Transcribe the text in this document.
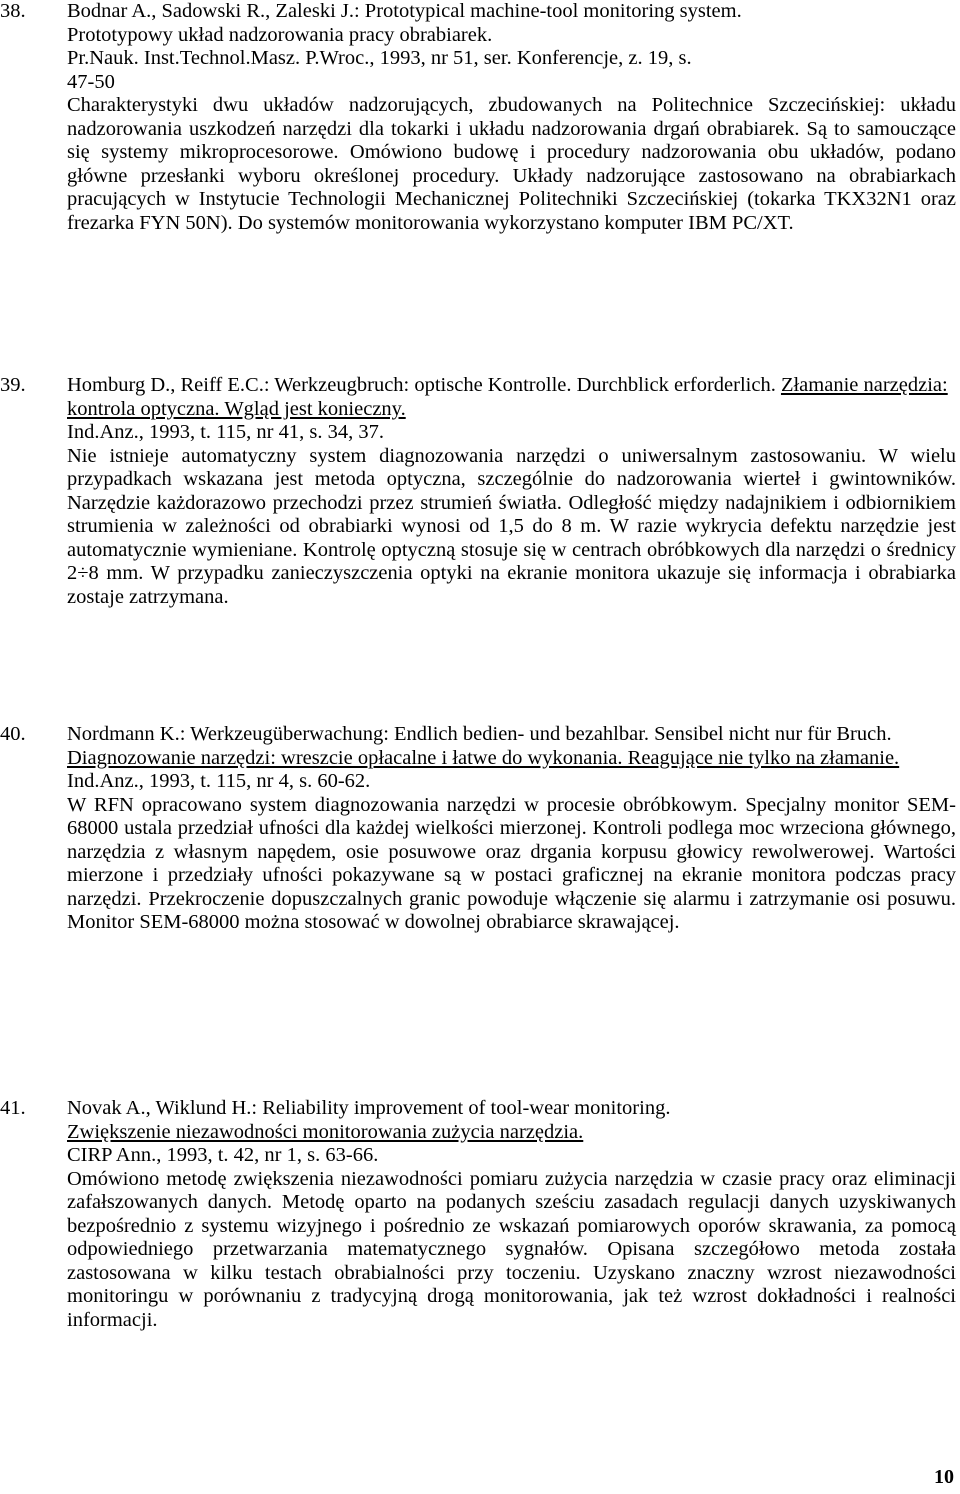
38.	Bodnar A., Sadowski R., Zaleski J.: Prototypical machine-tool monitoring system.

Prototypowy układ nadzorowania pracy obrabiarek.

Pr.Nauk. Inst.Technol.Masz. P.Wroc., 1993, nr 51, ser. Konferencje, z. 19, s. 47-50

Charakterystyki dwu układów nadzorujących, zbudowanych na Politechnice Szczecińskiej: układu nadzorowania uszkodzeń narzędzi dla tokarki i układu nadzorowania drgań obrabiarek. Są to samouczące się systemy mikroprocesorowe. Omówiono budowę i procedury nadzorowania obu układów, podano główne przesłanki wyboru określonej procedury. Układy nadzorujące zastosowano na obrabiarkach pracujących w Instytucie Technologii Mechanicznej Politechniki Szczecińskiej (tokarka TKX32N1 oraz frezarka FYN 50N). Do systemów monitorowania wykorzystano komputer IBM PC/XT.

39.	Homburg D., Reiff E.C.: Werkzeugbruch: optische Kontrolle. Durchblick erforderlich. Złamanie narzędzia: kontrola optyczna. Wgląd jest konieczny.

Ind.Anz., 1993, t. 115, nr 41, s. 34, 37.

Nie istnieje automatyczny system diagnozowania narzędzi o uniwersalnym zastosowaniu. W wielu przypadkach wskazana jest metoda optyczna, szczególnie do nadzorowania wierteł i gwintowników. Narzędzie każdorazowo przechodzi przez strumień światła. Odległość między nadajnikiem i odbiornikiem strumienia w zależności od obrabiarki wynosi od 1,5 do 8 m. W razie wykrycia defektu narzędzie jest automatycznie wymieniane. Kontrolę optyczną stosuje się w centrach obróbkowych dla narzędzi o średnicy 2÷8 mm. W przypadku zanieczyszczenia optyki na ekranie monitora ukazuje się informacja i obrabiarka zostaje zatrzymana.

40.	Nordmann K.: Werkzeugüberwachung: Endlich bedien- und bezahlbar. Sensibel nicht nur für Bruch. Diagnozowanie narzędzi: wreszcie opłacalne i łatwe do wykonania. Reagujące nie tylko na złamanie.

Ind.Anz., 1993, t. 115, nr 4, s. 60-62.

W RFN opracowano system diagnozowania narzędzi w procesie obróbkowym. Specjalny monitor SEM-68000 ustala przedział ufności dla każdej wielkości mierzonej. Kontroli podlega moc wrzeciona głównego, narzędzia z własnym napędem, osie posuwowe oraz drgania korpusu głowicy rewolwerowej. Wartości mierzone i przedziały ufności pokazywane są w postaci graficznej na ekranie monitora podczas pracy narzędzi. Przekroczenie dopuszczalnych granic powoduje włączenie się alarmu i zatrzymanie osi posuwu. Monitor SEM-68000 można stosować w dowolnej obrabiarce skrawającej.

41.	Novak A., Wiklund H.: Reliability improvement of tool-wear monitoring.

Zwiększenie niezawodności monitorowania zużycia narzędzia.

CIRP Ann., 1993, t. 42, nr 1, s. 63-66.

Omówiono metodę zwiększenia niezawodności pomiaru zużycia narzędzia w czasie pracy oraz eliminacji zafałszowanych danych. Metodę oparto na podanych sześciu zasadach regulacji danych uzyskiwanych bezpośrednio z systemu wizyjnego i pośrednio ze wskazań pomiarowych oporów skrawania, za pomocą odpowiedniego przetwarzania matematycznego sygnałów. Opisana szczegółowo metoda została zastosowana w kilku testach obrabialności przy toczeniu. Uzyskano znaczny wzrost niezawodności monitoringu w porównaniu z tradycyjną drogą monitorowania, jak też wzrost dokładności i realności informacji.

10
